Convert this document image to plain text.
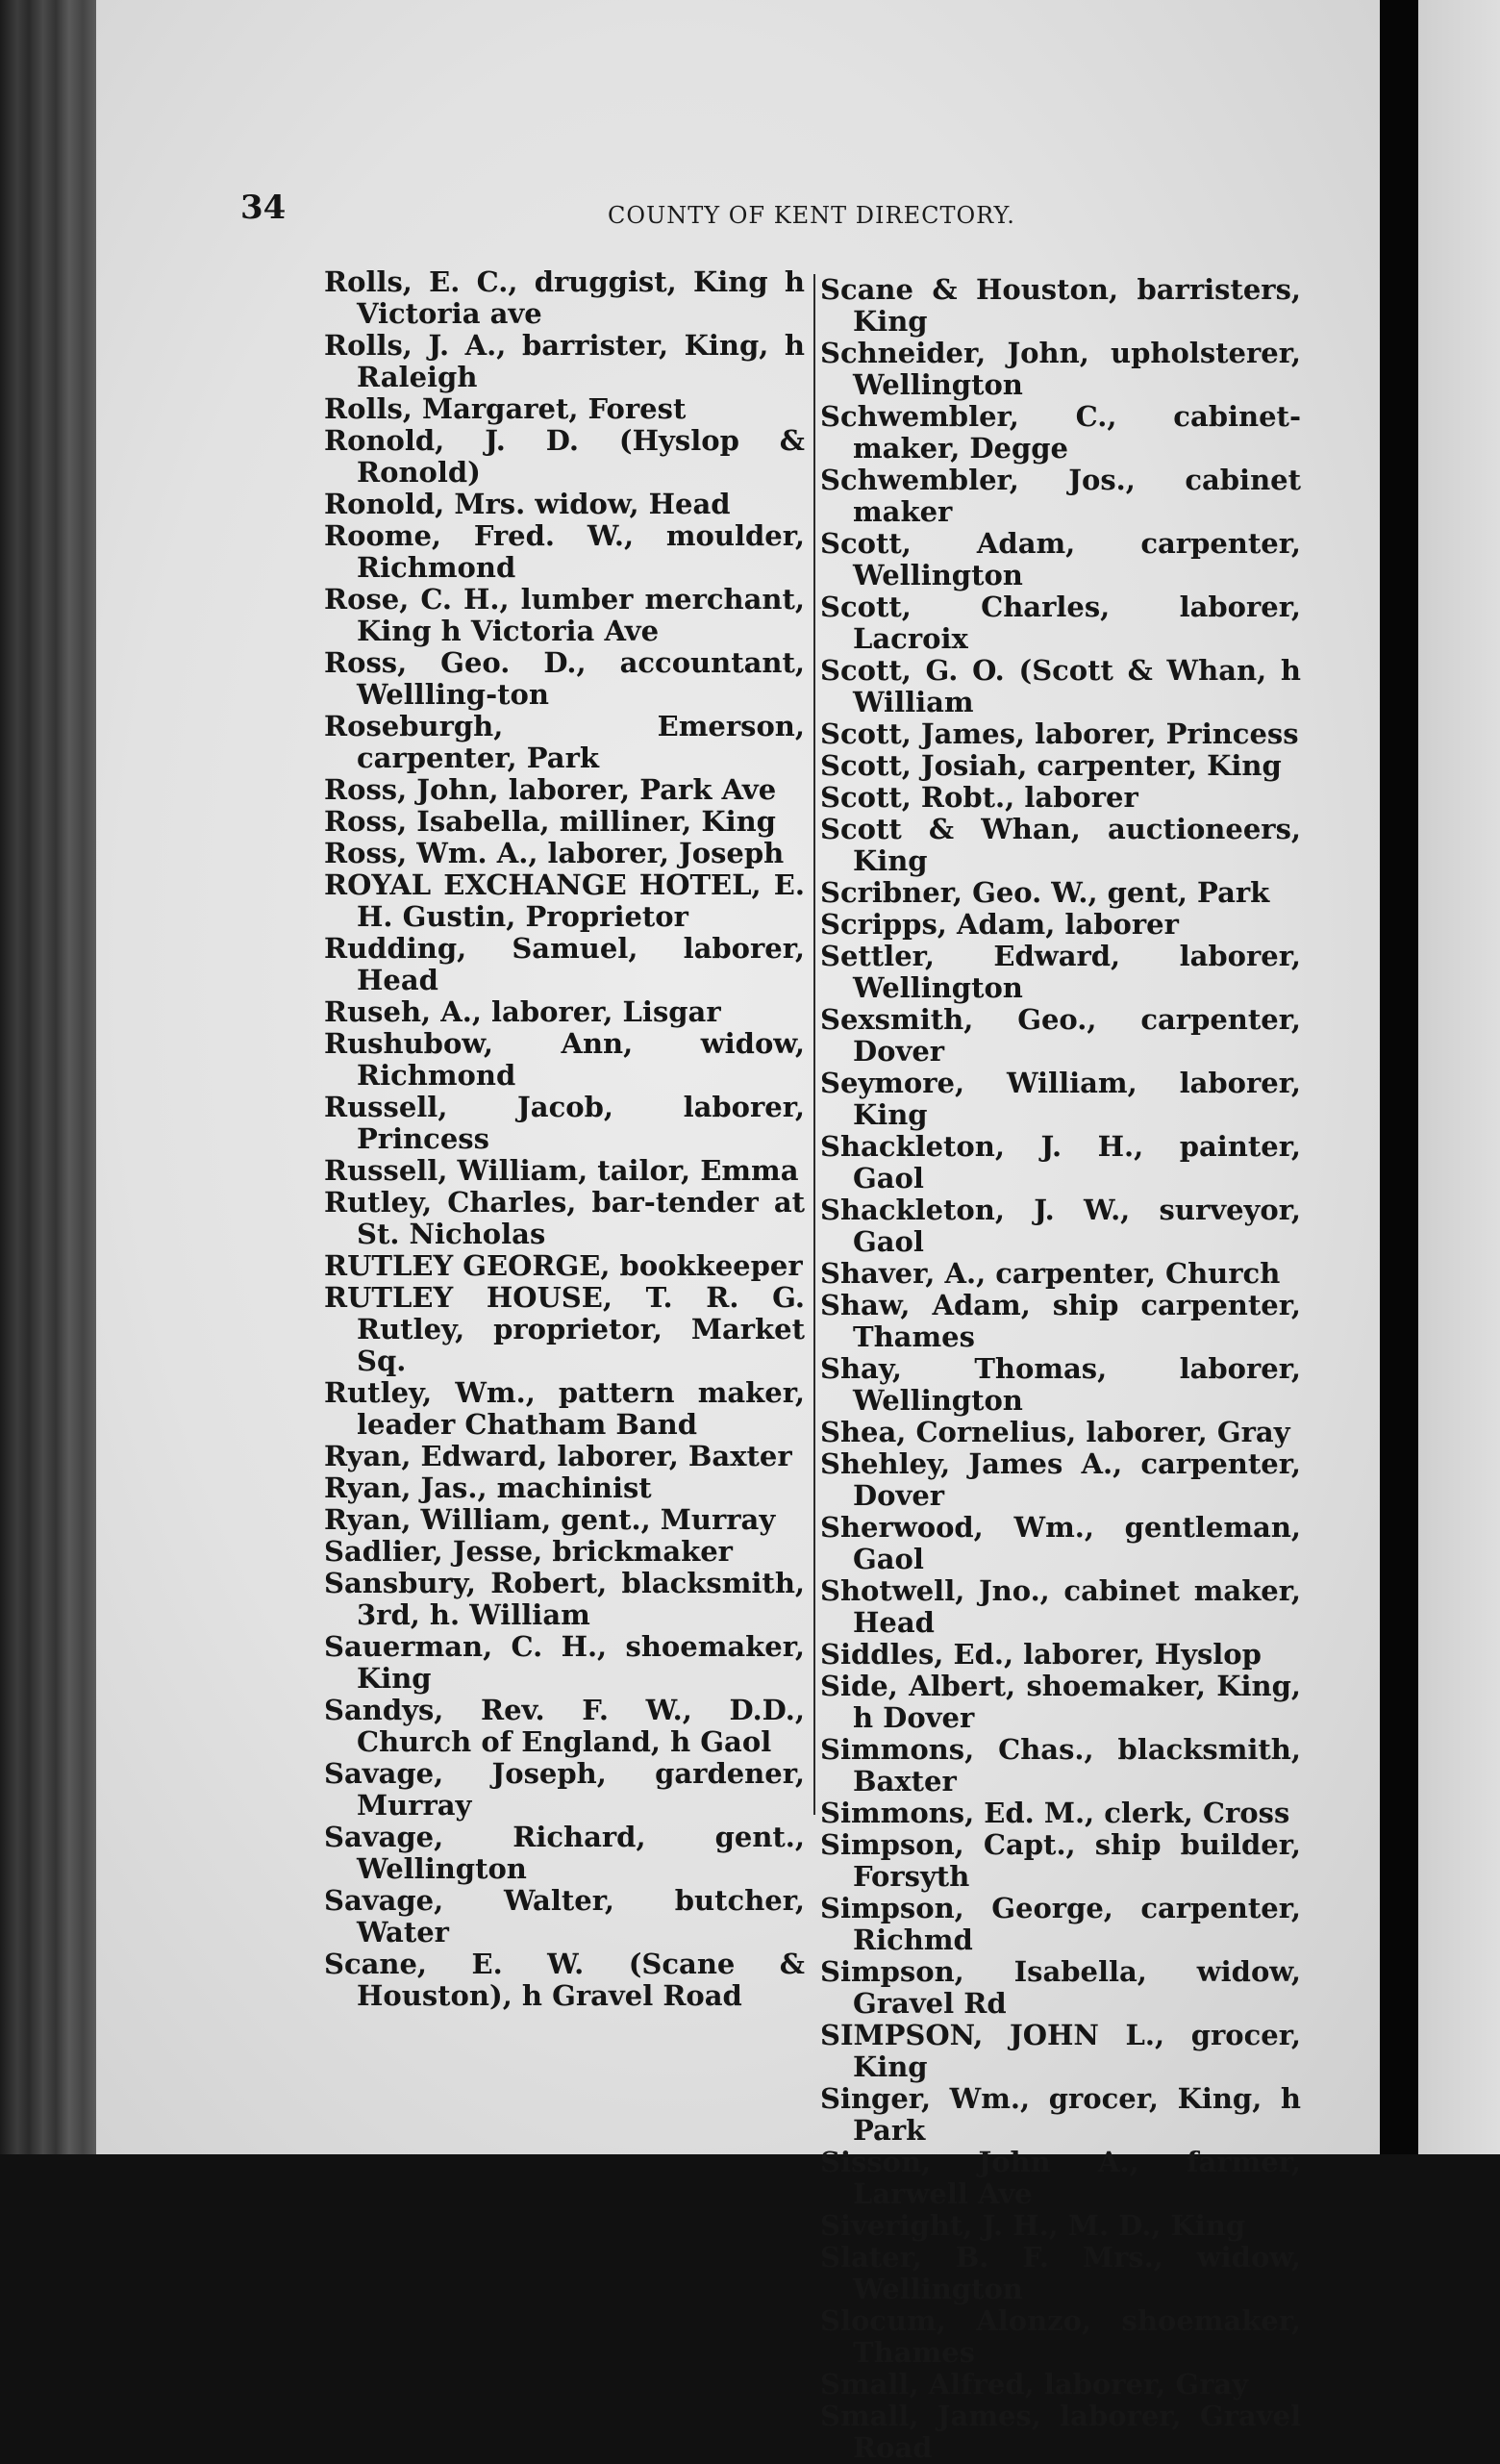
34	COUNTY OF KENT DIRECTORY.

Rolls, E. C., druggist, King h Victoria ave

Rolls, J. A., barrister, King, h Raleigh

Rolls, Margaret, Forest

Ronold, J. D. (Hyslop & Ronold)

Ronold, Mrs. widow, Head

Roome, Fred. W., moulder, Richmond

Rose, C. H., lumber merchant, King h Victoria Ave

Ross, Geo. D., accountant, Wellling-ton

Roseburgh, Emerson, carpenter, Park

Ross, John, laborer, Park Ave

Ross, Isabella, milliner, King

Ross, Wm. A., laborer, Joseph

ROYAL EXCHANGE HOTEL, E. H. Gustin, Proprietor

Rudding, Samuel, laborer, Head

Ruseh, A., laborer, Lisgar

Rushubow, Ann, widow, Richmond

Russell, Jacob, laborer, Princess

Russell, William, tailor, Emma

Rutley, Charles, bar-tender at St. Nicholas

RUTLEY GEORGE, bookkeeper

RUTLEY HOUSE, T. R. G. Rutley, proprietor, Market Sq.

Rutley, Wm., pattern maker, leader Chatham Band

Ryan, Edward, laborer, Baxter

Ryan, Jas., machinist

Ryan, William, gent., Murray

Sadlier, Jesse, brickmaker

Sansbury, Robert, blacksmith, 3rd, h. William

Sauerman, C. H., shoemaker, King

Sandys, Rev. F. W., D.D., Church of England, h Gaol

Savage, Joseph, gardener, Murray

Savage, Richard, gent., Wellington

Savage, Walter, butcher, Water

Scane, E. W. (Scane & Houston), h Gravel Road

Scane & Houston, barristers, King

Schneider, John, upholsterer, Wellington

Schwembler, C., cabinet-maker, Degge

Schwembler, Jos., cabinet maker

Scott, Adam, carpenter, Wellington

Scott, Charles, laborer, Lacroix

Scott, G. O. (Scott & Whan, h William

Scott, James, laborer, Princess

Scott, Josiah, carpenter, King

Scott, Robt., laborer

Scott & Whan, auctioneers, King

Scribner, Geo. W., gent, Park

Scripps, Adam, laborer

Settler, Edward, laborer, Wellington

Sexsmith, Geo., carpenter, Dover

Seymore, William, laborer, King

Shackleton, J. H., painter, Gaol

Shackleton, J. W., surveyor, Gaol

Shaver, A., carpenter, Church

Shaw, Adam, ship carpenter, Thames

Shay, Thomas, laborer, Wellington

Shea, Cornelius, laborer, Gray

Shehley, James A., carpenter, Dover

Sherwood, Wm., gentleman, Gaol

Shotwell, Jno., cabinet maker, Head

Siddles, Ed., laborer, Hyslop

Side, Albert, shoemaker, King, h Dover

Simmons, Chas., blacksmith, Baxter

Simmons, Ed. M., clerk, Cross

Simpson, Capt., ship builder, Forsyth

Simpson, George, carpenter, Richmd

Simpson, Isabella, widow, Gravel Rd

SIMPSON, JOHN L., grocer, King

Singer, Wm., grocer, King, h Park

Sisson, John A., farmer, Larwell Ave

Siveright, J. H., M. D., King

Slater, B. F. Mrs., widow, Wellington

Slocum, Alonzo, shoemaker, Thames

Small, Alfred, laborer, Gray

Small, James, laborer, Gravel Road
